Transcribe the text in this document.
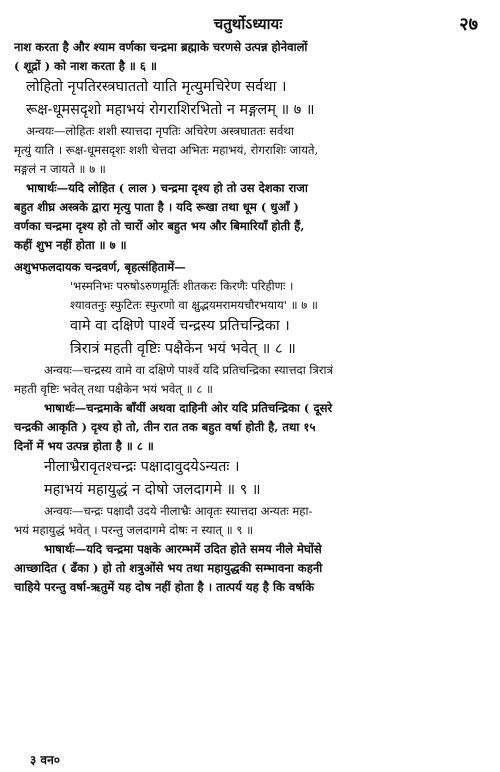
चतुर्थोऽध्यायः	२७
नाश करता है और श्याम वर्णका चन्द्रमा ब्रह्माके चरणसे उत्पन्न होनेवालों
( शूद्रों ) को नाश करता है ॥ ६ ॥
लोहितो नृपतिरस्त्रघाततो याति मृत्युमचिरेण सर्वथा ।
रूक्ष-धूमसदृशो महाभयं रोगराशिरभितो न मङ्गलम् ॥ ७ ॥
अन्वयः—लोहितः शशी स्यात्तदा नृपतिः अचिरेण अस्त्रघाततः सर्वथा
मृत्युं याति । रूक्ष-धूमसदृशः शशी चेत्तदा अभितः महाभयं, रोगराशिः जायते,
मङ्गलं न जायते ॥ ७ ॥
भाषार्थः—यदि लोहित ( लाल ) चन्द्रमा दृश्य हो तो उस देशका राजा
बहुत शीघ्र अस्त्रके द्वारा मृत्यु पाता है । यदि रूखा तथा धूम ( धुआँ )
वर्णका चन्द्रमा दृश्य हो तो चारों ओर बहुत भय और बिमारियाँ होती हैं,
कहीं शुभ नहीं होता ॥ ७ ॥
अशुभफलदायक चन्द्रवर्ण, बृहत्संहितामें—
'भस्मनिभः परुषोऽरुणमूर्तिः शीतकरः किरणैः परिहीणः ।
श्यावतनुः स्फुटितः स्फुरणो वा क्षुद्भयमरामयचौरभयाय' ॥ ७ ॥
वामे वा दक्षिणे पार्श्वे चन्द्रस्य प्रतिचन्द्रिका ।
त्रिरात्रं महती वृष्टिः पक्षैकेन भयं भवेत् ॥ ८ ॥
अन्वयः—चन्द्रस्य वामे वा दक्षिणे पार्श्वे यदि प्रतिचन्द्रिका स्यात्तदा त्रिरात्रं
महती वृष्टिः भवेत् तथा पक्षैकेन भयं भवेत् ॥ ८ ॥
भाषार्थः—चन्द्रमाके बाँयीं अथवा दाहिनी ओर यदि प्रतिचन्द्रिका ( दूसरे
चन्द्रकी आकृति ) दृश्य हो तो, तीन रात तक बहुत वर्षा होती है, तथा १५
दिनों में भय उत्पन्न होता है ॥ ८ ॥
नीलाभ्रैरावृतश्चन्द्रः पक्षादावुदयेऽन्यतः ।
महाभयं महायुद्धं न दोषो जलदागमे ॥ ९ ॥
अन्वयः—चन्द्रः पक्षादौ उदये नीलाभ्रैः आवृतः स्यात्तदा अन्यतः महा-
भयं महायुद्धं भवेत् । परन्तु जलदागमे दोषः न स्यात् ॥ ९ ॥
भाषार्थः—यदि चन्द्रमा पक्षके आरम्भमें उदित होते समय नीले मेघोंसे
आच्छादित ( ढँका ) हो तो शत्रुओंसे भय तथा महायुद्धकी सम्भावना कहनी
चाहिये परन्तु वर्षा-ऋतुमें यह दोष नहीं होता है । तात्पर्य यह है कि वर्षाके
३ वन०
